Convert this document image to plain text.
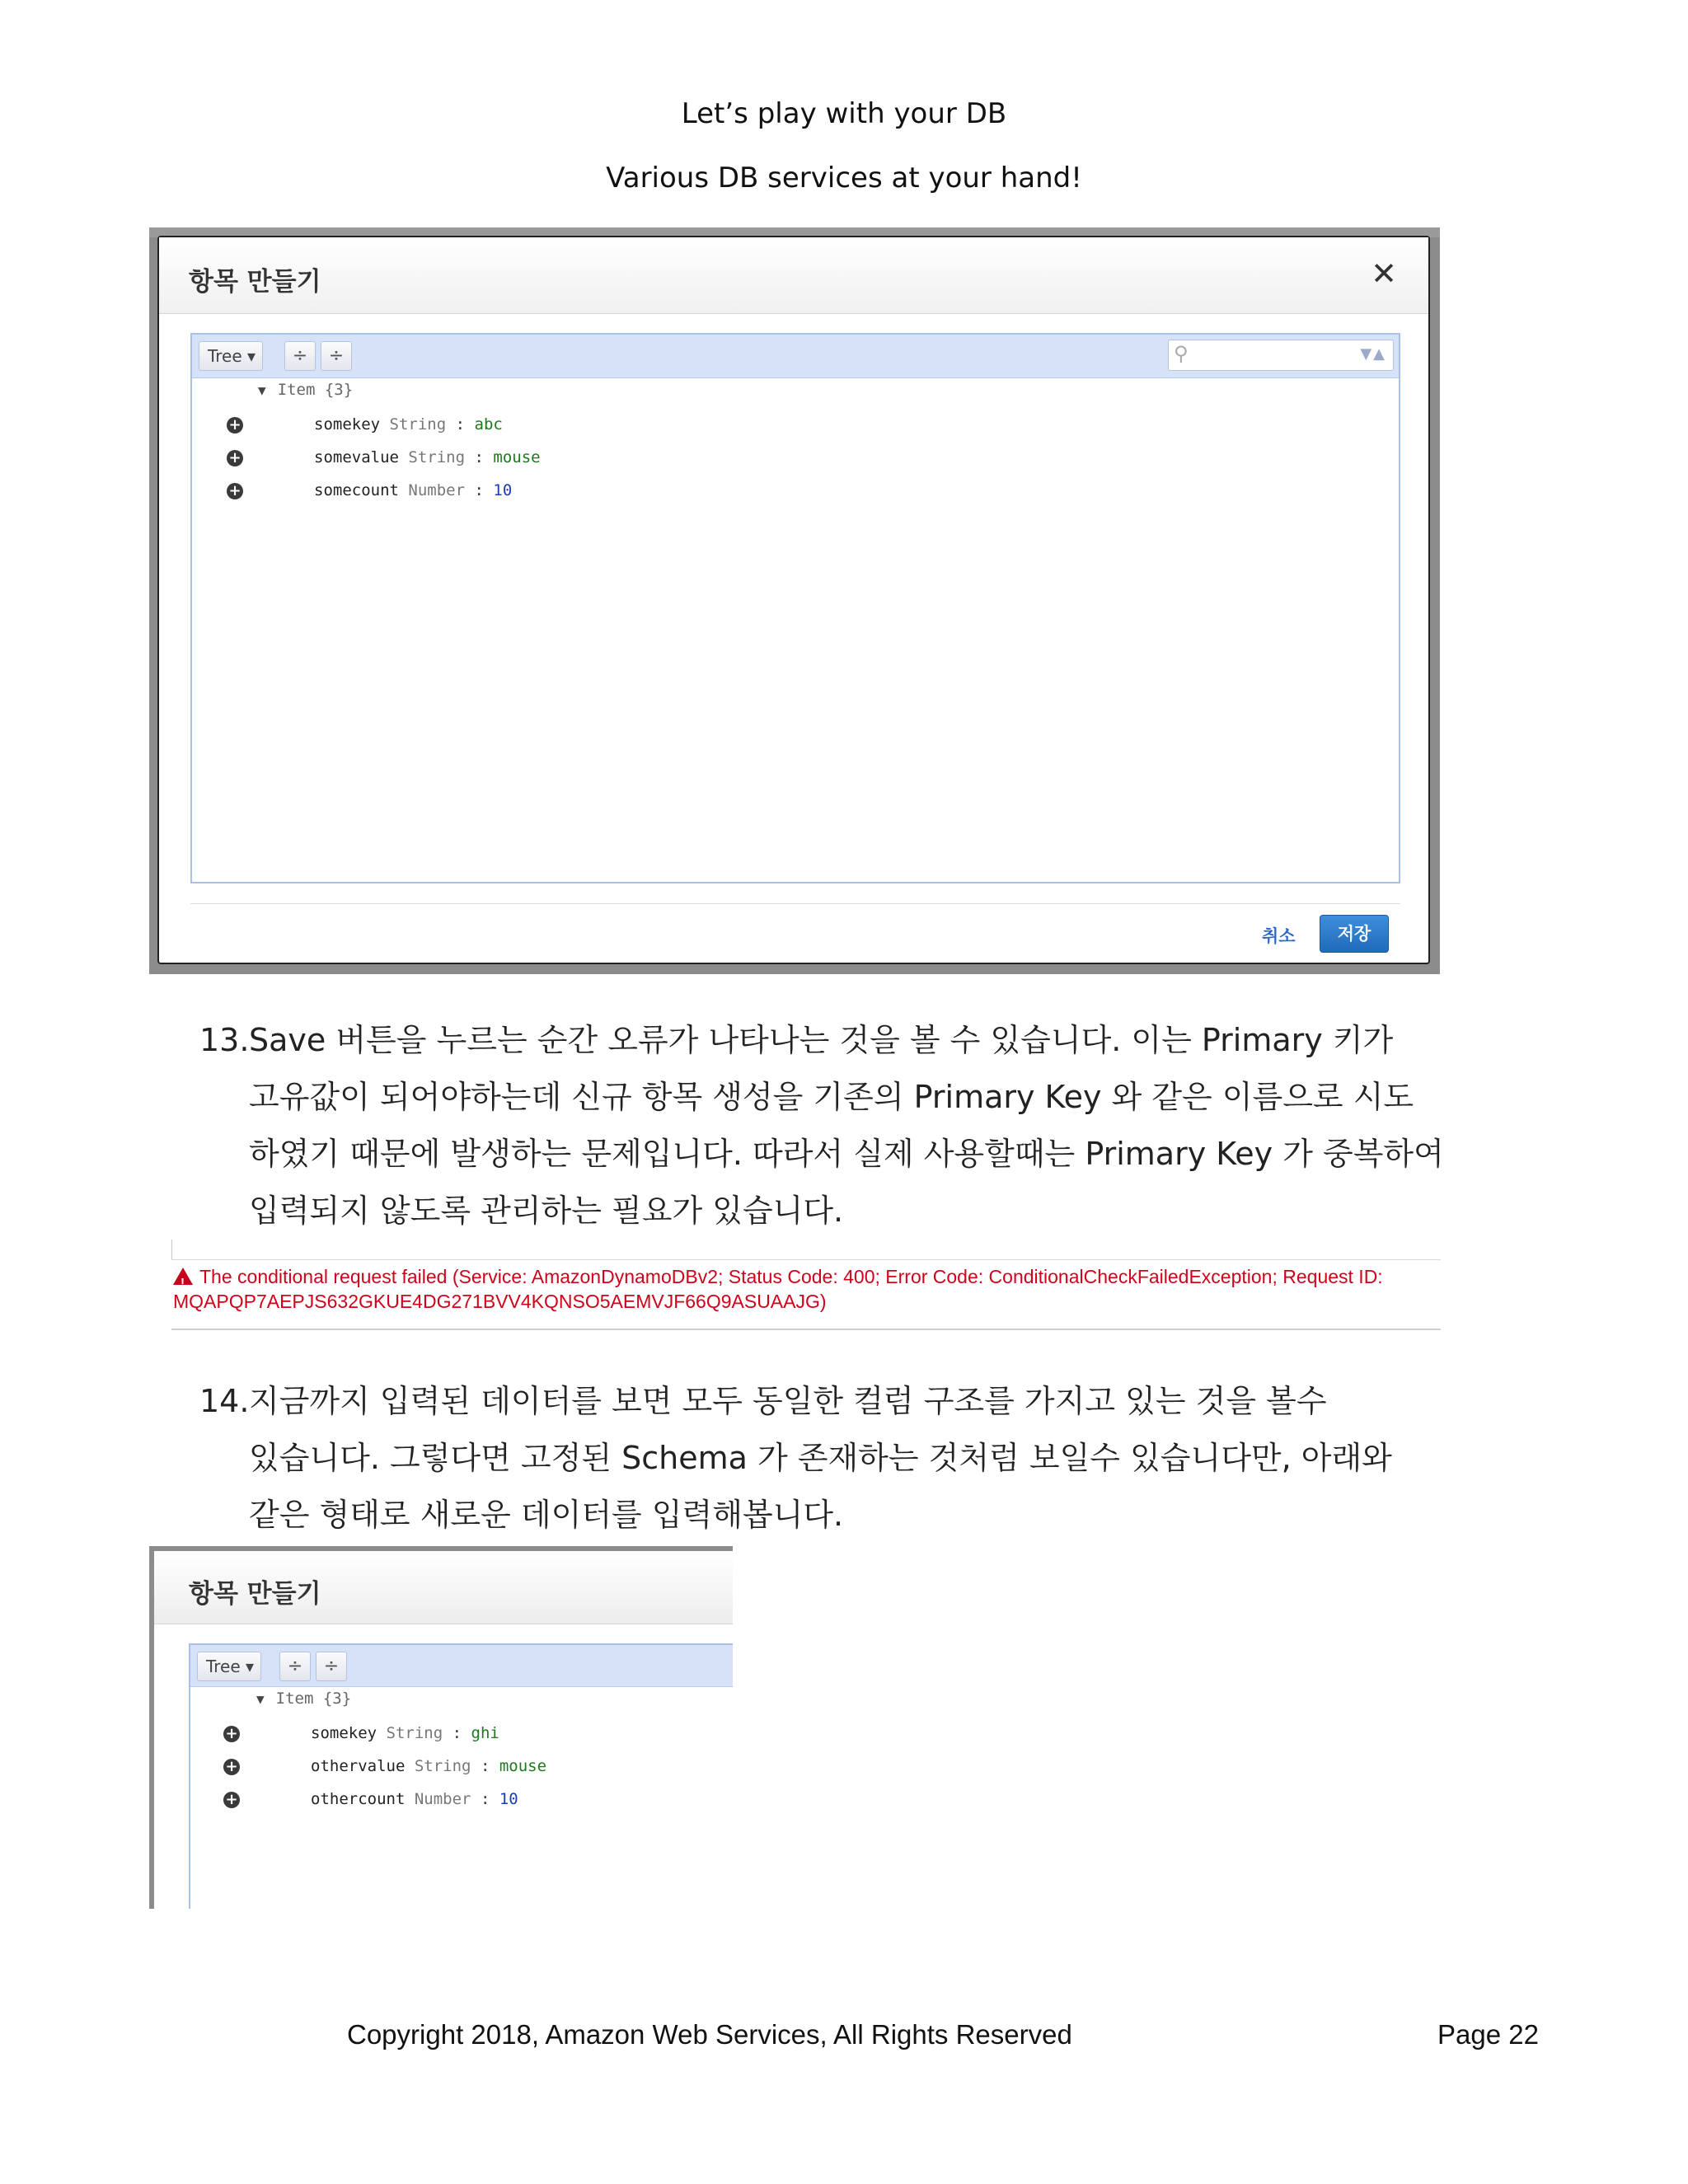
Let’s play with your DB
Various DB services at your hand!
항목 만들기	✕
Tree ▾	÷	÷	⚲	▼▲
▼ Item {3}
+	somekey String : abc
+	somevalue String : mouse
+	somecount Number : 10
취소	저장
13. Save 버튼을 누르는 순간 오류가 나타나는 것을 볼 수 있습니다. 이는 Primary 키가
고유값이 되어야하는데 신규 항목 생성을 기존의 Primary Key 와 같은 이름으로 시도
하였기 때문에 발생하는 문제입니다. 따라서 실제 사용할때는 Primary Key 가 중복하여
입력되지 않도록 관리하는 필요가 있습니다.
! The conditional request failed (Service: AmazonDynamoDBv2; Status Code: 400; Error Code: ConditionalCheckFailedException; Request ID:
MQAPQP7AEPJS632GKUE4DG271BVV4KQNSO5AEMVJF66Q9ASUAAJG)
14. 지금까지 입력된 데이터를 보면 모두 동일한 컬럼 구조를 가지고 있는 것을 볼수
있습니다. 그렇다면 고정된 Schema 가 존재하는 것처럼 보일수 있습니다만, 아래와
같은 형태로 새로운 데이터를 입력해봅니다.
항목 만들기
Tree ▾	÷	÷
▼ Item {3}
+	somekey String : ghi
+	othervalue String : mouse
+	othercount Number : 10
Copyright 2018, Amazon Web Services, All Rights Reserved	Page 22
